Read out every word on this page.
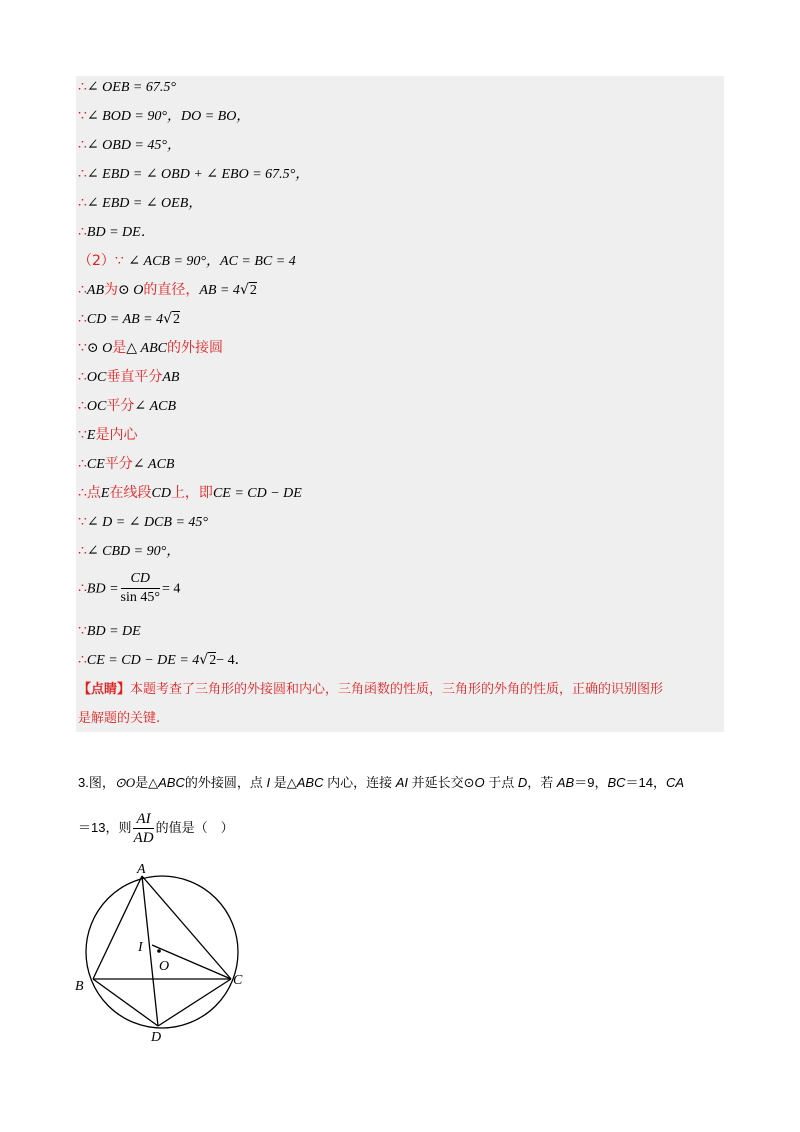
∴∠ OEB = 67.5°
∵∠ BOD = 90°，DO = BO，
∴∠ OBD = 45°，
∴∠ EBD = ∠ OBD + ∠ EBO = 67.5°，
∴∠ EBD = ∠ OEB，
∴BD = DE．
（2）∵ ∠ ACB = 90°，AC = BC = 4
∴AB为⊙ O的直径，AB = 4√2
∴CD = AB = 4√2
∵⊙ O是△ ABC的外接圆
∴OC垂直平分AB
∴OC平分∠ ACB
∵E是内心
∴CE平分∠ ACB
∴点E在线段CD上，即CE = CD − DE
∵∠ D = ∠ DCB = 45°
∴∠ CBD = 90°，
∴BD = $\frac{CD}{\sin 45^\circ} = 4$
∵BD = DE
∴CE = CD − DE = 4√2− 4．
【点睛】本题考查了三角形的外接圆和内心，三角函数的性质，三角形的外角的性质，正确的识别图形
是解题的关键.
3.图，⊙O是△ABC的外接圆，点 I 是△ABC 内心，连接 AI 并延长交⊙O 于点 D，若 AB＝9，BC＝14，CA
＝13，则 $\frac{AI}{AD}$ 的值是（　）
A
B	C
D
I
O
